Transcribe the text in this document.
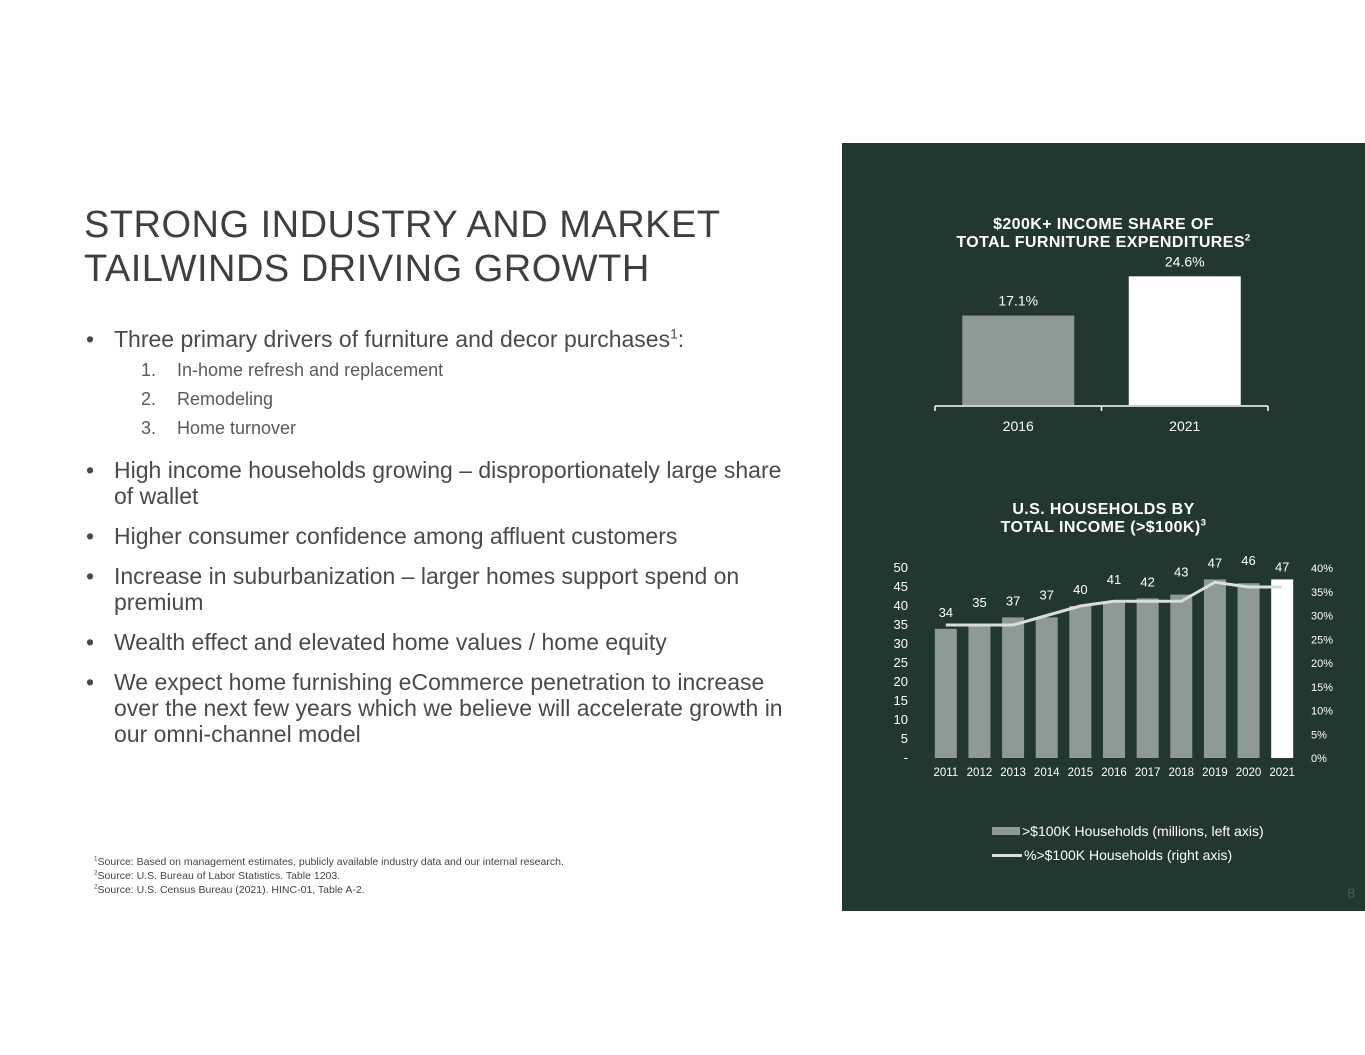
STRONG INDUSTRY AND MARKET
TAILWINDS DRIVING GROWTH
• Three primary drivers of furniture and decor purchases$^1$:
1. In-home refresh and replacement
2. Remodeling
3. Home turnover
• High income households growing – disproportionately large share of wallet
• Higher consumer confidence among affluent customers
• Increase in suburbanization – larger homes support spend on premium
• Wealth effect and elevated home values / home equity
• We expect home furnishing eCommerce penetration to increase over the next few years which we believe will accelerate growth in our omni-channel model
$^1$Source: Based on management estimates, publicly available industry data and our internal research.
$^2$Source: U.S. Bureau of Labor Statistics. Table 1203.
$^2$Source: U.S. Census Bureau (2021). HINC-01, Table A-2.
$200K+ INCOME SHARE OF
TOTAL FURNITURE EXPENDITURES$^2$
17.1%
2016
24.6%
2021
U.S. HOUSEHOLDS BY
TOTAL INCOME (>$100K)$^3$
-
5
10
15
20
25
30
35
40
45
50
0%
5%
10%
15%
20%
25%
30%
35%
40%
34
2011
35
2012
37
2013
37
2014
40
2015
41
2016
42
2017
43
2018
47
2019
46
2020
47
2021
>$100K Households (millions, left axis)
%>$100K Households (right axis)
8
